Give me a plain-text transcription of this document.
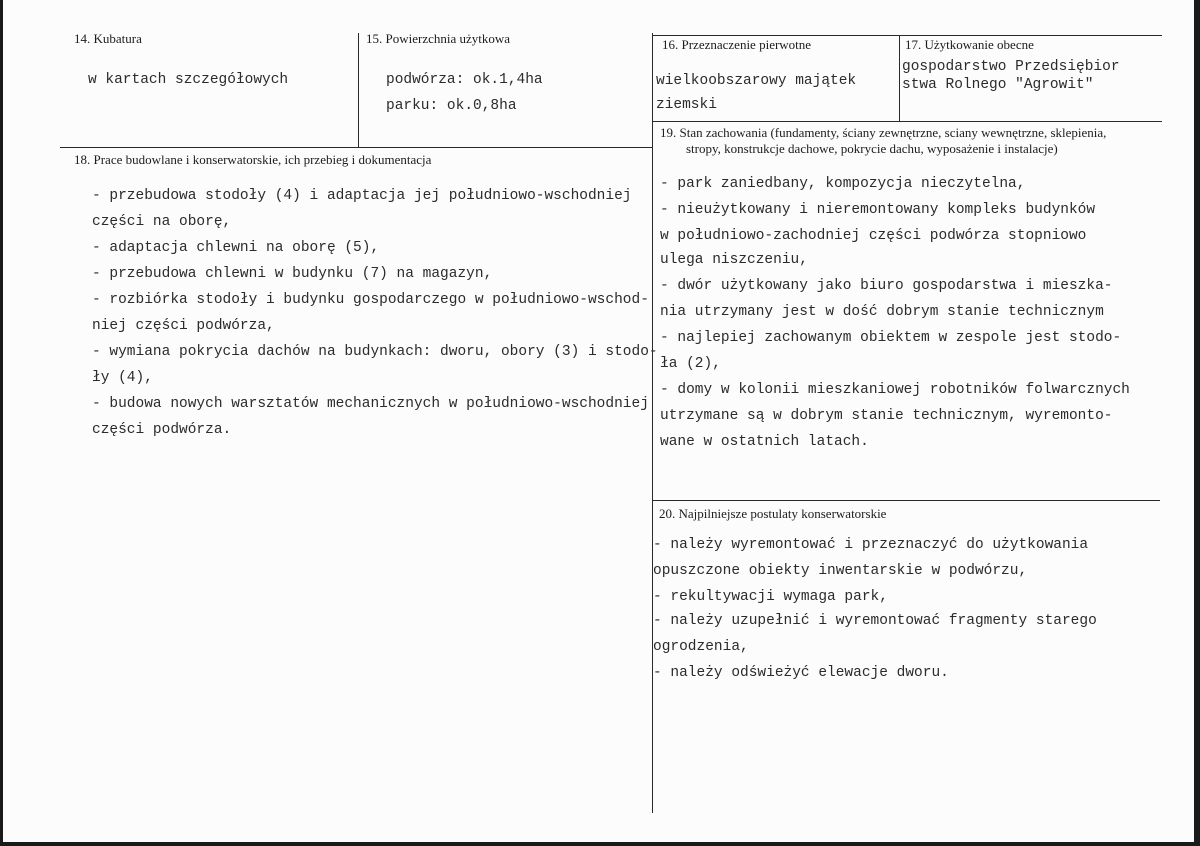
14. Kubatura
w kartach szczegółowych
15. Powierzchnia użytkowa
podwórza: ok.1,4ha
parku: ok.0,8ha
16. Przeznaczenie pierwotne
wielkoobszarowy majątek
ziemski
17. Użytkowanie obecne
gospodarstwo Przedsiębior
stwa Rolnego "Agrowit"
18. Prace budowlane i konserwatorskie, ich przebieg i dokumentacja
- przebudowa stodoły (4) i adaptacja jej południowo-wschodniej
części na oborę,
- adaptacja chlewni na oborę (5),
- przebudowa chlewni w budynku (7) na magazyn,
- rozbiórka stodoły i budynku gospodarczego w południowo-wschod-
niej części podwórza,
- wymiana pokrycia dachów na budynkach: dworu, obory (3) i stodo-
ły (4),
- budowa nowych warsztatów mechanicznych w południowo-wschodniej
części podwórza.
19. Stan zachowania (fundamenty, ściany zewnętrzne, sciany wewnętrzne, sklepienia,
stropy, konstrukcje dachowe, pokrycie dachu, wyposażenie i instalacje)
- park zaniedbany, kompozycja nieczytelna,
- nieużytkowany i nieremontowany kompleks budynków
w południowo-zachodniej części podwórza stopniowo
ulega niszczeniu,
- dwór użytkowany jako biuro gospodarstwa i mieszka-
nia utrzymany jest w dość dobrym stanie technicznym
- najlepiej zachowanym obiektem w zespole jest stodo-
ła (2),
- domy w kolonii mieszkaniowej robotników folwarcznych
utrzymane są w dobrym stanie technicznym, wyremonto-
wane w ostatnich latach.
20. Najpilniejsze postulaty konserwatorskie
- należy wyremontować i przeznaczyć do użytkowania
opuszczone obiekty inwentarskie w podwórzu,
- rekultywacji wymaga park,
- należy uzupełnić i wyremontować fragmenty starego
ogrodzenia,
- należy odświeżyć elewacje dworu.
